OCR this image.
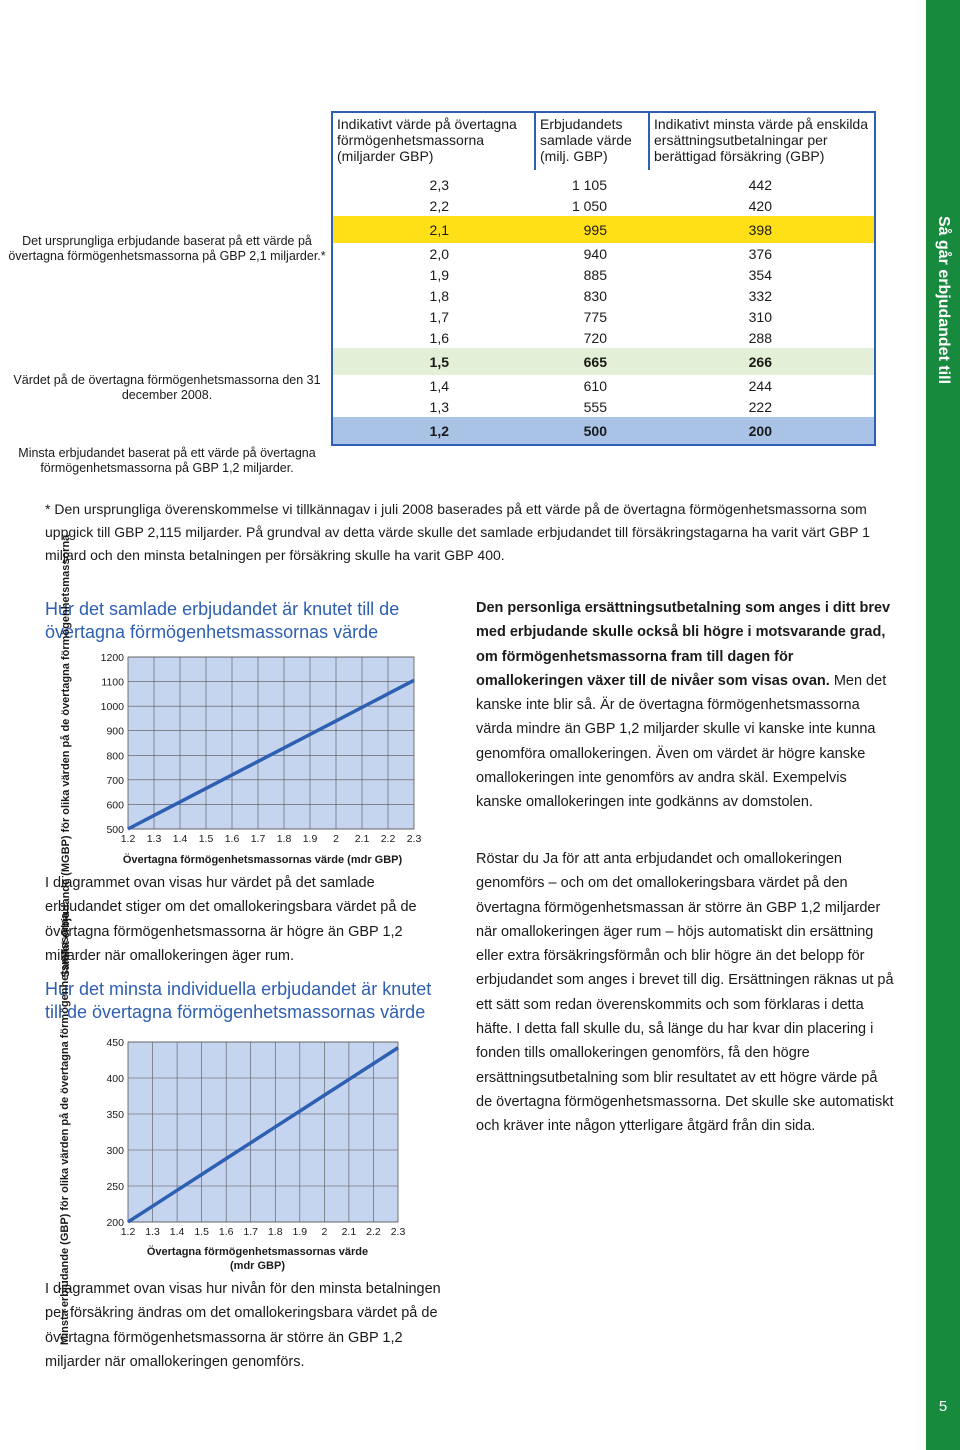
Det ursprungliga erbjudande baserat på ett värde på övertagna förmögenhetsmassorna på GBP 2,1 miljarder.*
Värdet på de övertagna förmögenhetsmassorna den 31 december 2008.
Minsta erbjudandet baserat på ett värde på övertagna förmögenhetsmassorna på GBP 1,2 miljarder.
Indikativt värde på övertagna förmögenhetsmassorna (miljarder GBP)	Erbjudandets samlade värde (milj. GBP)	Indikativt minsta värde på enskilda ersättningsutbetalningar per berättigad försäkring (GBP)
2,3	1 105	442
2,2	1 050	420
2,1	995	398
2,0	940	376
1,9	885	354
1,8	830	332
1,7	775	310
1,6	720	288
1,5	665	266
1,4	610	244
1,3	555	222
1,2	500	200
Så går erbjudandet till
5
* Den ursprungliga överenskommelse vi tillkännagav i juli 2008 baserades på ett värde på de övertagna förmögenhetsmassorna som uppgick till GBP 2,115 miljarder. På grundval av detta värde skulle det samlade erbjudandet till försäkringstagarna ha varit värt GBP 1 miljard och den minsta betalningen per försäkring skulle ha varit GBP 400.
Hur det samlade erbjudandet är knutet till de övertagna förmögenhetsmassornas värde
Samlat erbjudande (MGBP) för olika värden på de övertagna förmögenhetsmassorna	500
600
700
800
900
1000
1100
1200
1.2 1.3 1.4 1.5 1.6 1.7 1.8 1.9 2 2.1 2.2 2.3
Övertagna förmögenhetsmassornas värde (mdr GBP)
I diagrammet ovan visas hur värdet på det samlade erbjudandet stiger om det omallokeringsbara värdet på de övertagna förmögenhetsmassorna är högre än GBP 1,2 miljarder när omallokeringen äger rum.
Hur det minsta individuella erbjudandet är knutet till de övertagna förmögenhetsmassornas värde
Minsta erbjudande (GBP) för olika värden på de övertagna förmögenhetsmassorna	200
250
300
350
400
450
1.2 1.3 1.4 1.5 1.6 1.7 1.8 1.9 2 2.1 2.2 2.3
Övertagna förmögenhetsmassornas värde (mdr GBP)
I diagrammet ovan visas hur nivån för den minsta betalningen per försäkring ändras om det omallokeringsbara värdet på de övertagna förmögenhetsmassorna är större än GBP 1,2 miljarder när omallokeringen genomförs.
Den personliga ersättningsutbetalning som anges i ditt brev med erbjudande skulle också bli högre i motsvarande grad, om förmögenhetsmassorna fram till dagen för omallokeringen växer till de nivåer som visas ovan. Men det kanske inte blir så. Är de övertagna förmögenhetsmassorna värda mindre än GBP 1,2 miljarder skulle vi kanske inte kunna genomföra omallokeringen. Även om värdet är högre kanske omallokeringen inte genomförs av andra skäl. Exempelvis kanske omallokeringen inte godkänns av domstolen.
Röstar du Ja för att anta erbjudandet och omallokeringen genomförs – och om det omallokeringsbara värdet på den övertagna förmögenhetsmassan är större än GBP 1,2 miljarder när omallokeringen äger rum – höjs automatiskt din ersättning eller extra försäkringsförmån och blir högre än det belopp för erbjudandet som anges i brevet till dig. Ersättningen räknas ut på ett sätt som redan överenskommits och som förklaras i detta häfte. I detta fall skulle du, så länge du har kvar din placering i fonden tills omallokeringen genomförs, få den högre ersättningsutbetalning som blir resultatet av ett högre värde på de övertagna förmögenhetsmassorna. Det skulle ske automatiskt och kräver inte någon ytterligare åtgärd från din sida.
